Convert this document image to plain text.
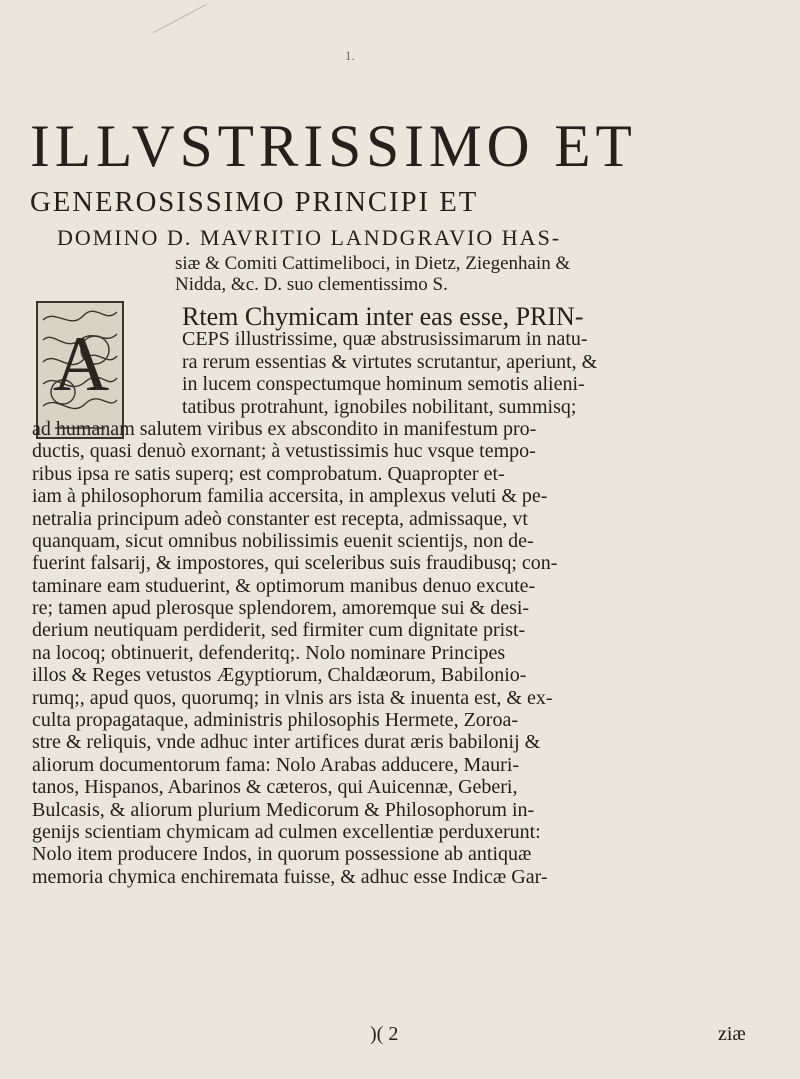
1.
ILLVSTRISSIMO ET
GENEROSISSIMO PRINCIPI ET
DOMINO D. MAVRITIO LANDGRAVIO HAS-
siæ & Comiti Cattimeliboci, in Dietz, Ziegenhain &
Nidda, &c. D. suo clementissimo S.
A
Rtem Chymicam inter eas esse, PRIN-
CEPS illustrissime, quæ abstrusissimarum in natu-
ra rerum essentias & virtutes scrutantur, aperiunt, &
in lucem conspectumque hominum semotis alieni-
tatibus protrahunt, ignobiles nobilitant, summisq;
ad humanam salutem viribus ex abscondito in manifestum pro-
ductis, quasi denuò exornant; à vetustissimis huc vsque tempo-
ribus ipsa re satis superq; est comprobatum. Quapropter et-
iam à philosophorum familia accersita, in amplexus veluti & pe-
netralia principum adeò constanter est recepta, admissaque, vt
quanquam, sicut omnibus nobilissimis euenit scientijs, non de-
fuerint falsarij, & impostores, qui sceleribus suis fraudibusq; con-
taminare eam studuerint, & optimorum manibus denuo excute-
re; tamen apud plerosque splendorem, amoremque sui & desi-
derium neutiquam perdiderit, sed firmiter cum dignitate prist-
na locoq; obtinuerit, defenderitq;. Nolo nominare Principes
illos & Reges vetustos Ægyptiorum, Chaldæorum, Babilonio-
rumq;, apud quos, quorumq; in vlnis ars ista & inuenta est, & ex-
culta propagataque, administris philosophis Hermete, Zoroa-
stre & reliquis, vnde adhuc inter artifices durat æris babilonij &
aliorum documentorum fama: Nolo Arabas adducere, Mauri-
tanos, Hispanos, Abarinos & cæteros, qui Auicennæ, Geberi,
Bulcasis, & aliorum plurium Medicorum & Philosophorum in-
genijs scientiam chymicam ad culmen excellentiæ perduxerunt:
Nolo item producere Indos, in quorum possessione ab antiquæ
memoria chymica enchiremata fuisse, & adhuc esse Indicæ Gar-
)( 2	ziæ
